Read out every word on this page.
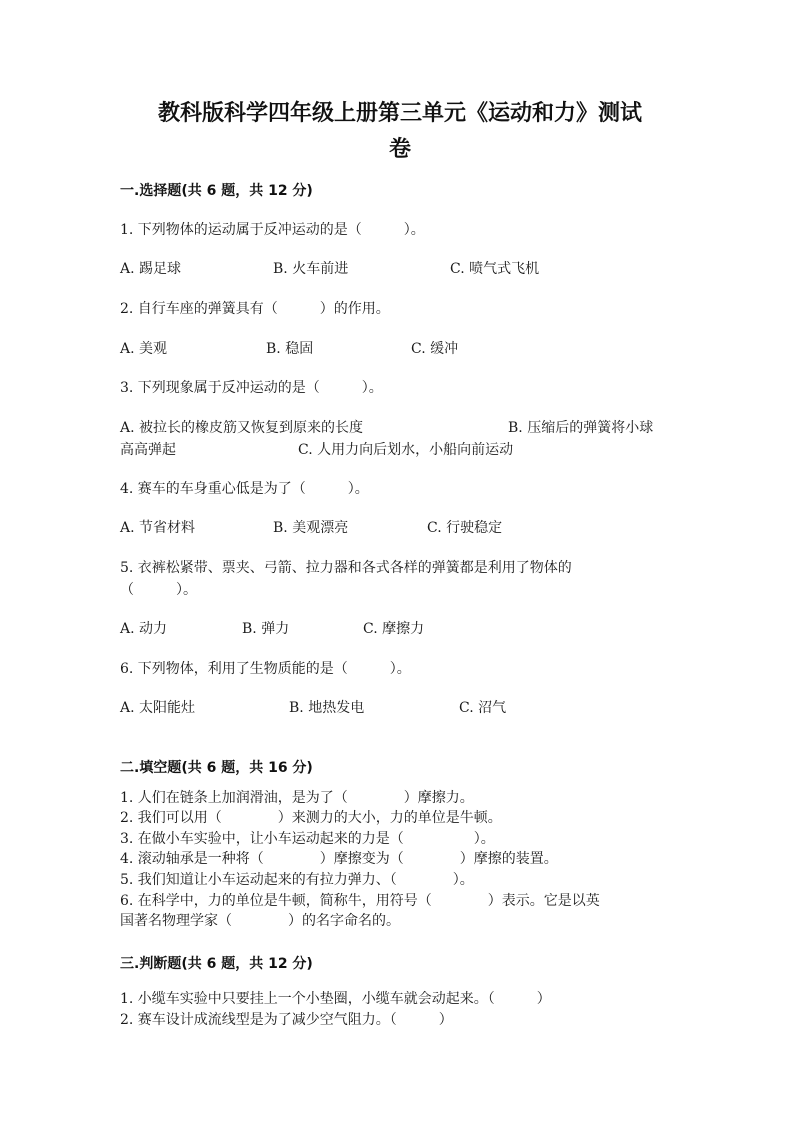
教科版科学四年级上册第三单元《运动和力》测试
卷
一.选择题(共 6 题，共 12 分)
1. 下列物体的运动属于反冲运动的是（　　　）。
A. 踢足球	B. 火车前进	C. 喷气式飞机
2. 自行车座的弹簧具有（　　　）的作用。
A. 美观	B. 稳固	C. 缓冲
3. 下列现象属于反冲运动的是（　　　）。
A. 被拉长的橡皮筋又恢复到原来的长度	B. 压缩后的弹簧将小球
高高弹起	C. 人用力向后划水，小船向前运动
4. 赛车的车身重心低是为了（　　　）。
A. 节省材料	B. 美观漂亮	C. 行驶稳定
5. 衣裤松紧带、票夹、弓箭、拉力器和各式各样的弹簧都是利用了物体的
（　　　）。
A. 动力	B. 弹力	C. 摩擦力
6. 下列物体，利用了生物质能的是（　　　）。
A. 太阳能灶	B. 地热发电	C. 沼气
二.填空题(共 6 题，共 16 分)
1. 人们在链条上加润滑油，是为了（　　　　）摩擦力。
2. 我们可以用（　　　　）来测力的大小，力的单位是牛顿。
3. 在做小车实验中，让小车运动起来的力是（　　　　　）。
4. 滚动轴承是一种将（　　　　）摩擦变为（　　　　）摩擦的装置。
5. 我们知道让小车运动起来的有拉力弹力、（　　　　）。
6. 在科学中，力的单位是牛顿，简称牛，用符号（　　　　）表示。它是以英
国著名物理学家（　　　　）的名字命名的。
三.判断题(共 6 题，共 12 分)
1. 小缆车实验中只要挂上一个小垫圈，小缆车就会动起来。（　　　）
2. 赛车设计成流线型是为了减少空气阻力。（　　　）
